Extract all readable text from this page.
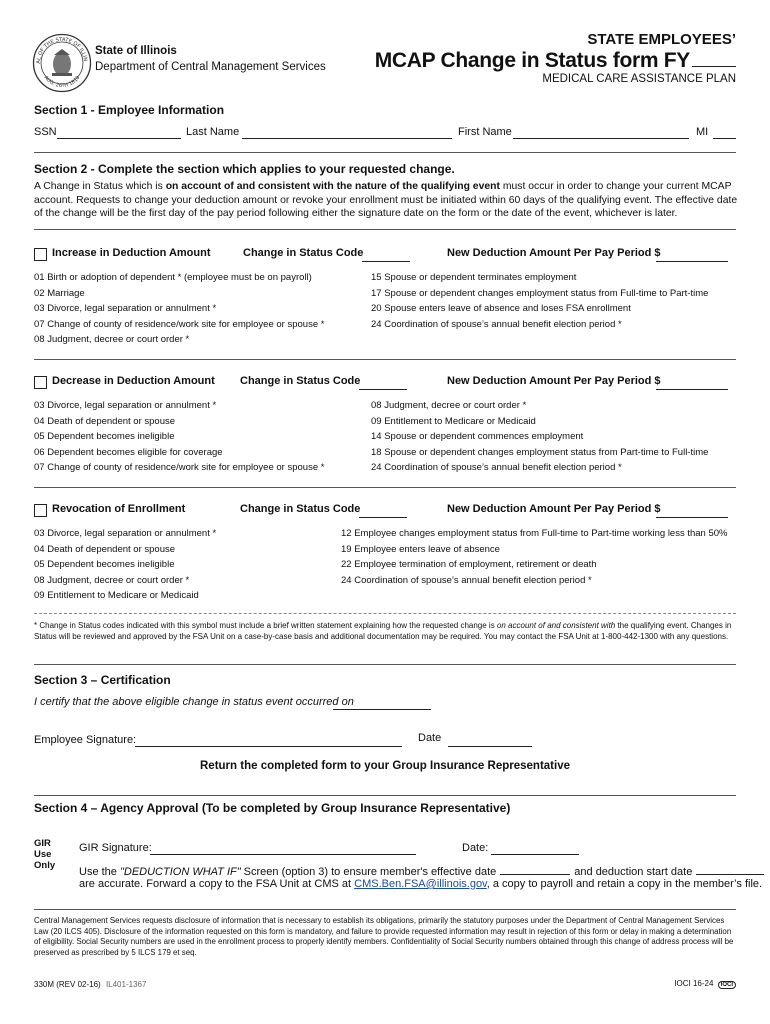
AL OF THE STATE OF ILLIN
AUG. 26TH 1818
State of Illinois
Department of Central Management Services
STATE EMPLOYEES’
MCAP Change in Status form FY
MEDICAL CARE ASSISTANCE PLAN
Section 1 - Employee Information
SSN	Last Name	First Name	MI
Section 2 - Complete the section which applies to your requested change.
A Change in Status which is on account of and consistent with the nature of the qualifying event must occur in order to change your current MCAP account. Requests to change your deduction amount or revoke your enrollment must be initiated within 60 days of the qualifying event. The effective date of the change will be the first day of the pay period following either the signature date on the form or the date of the event, whichever is later.
Increase in Deduction Amount	Change in Status Code	New Deduction Amount Per Pay Period $
01 Birth or adoption of dependent * (employee must be on payroll)
02 Marriage
03 Divorce, legal separation or annulment *
07 Change of county of residence/work site for employee or spouse *
08 Judgment, decree or court order *
15 Spouse or dependent terminates employment
17 Spouse or dependent changes employment status from Full-time to Part-time
20 Spouse enters leave of absence and loses FSA enrollment
24 Coordination of spouse’s annual benefit election period *
Decrease in Deduction Amount Change in Status Code	New Deduction Amount Per Pay Period $
03 Divorce, legal separation or annulment *
04 Death of dependent or spouse
05 Dependent becomes ineligible
06 Dependent becomes eligible for coverage
07 Change of county of residence/work site for employee or spouse *
08 Judgment, decree or court order *
09 Entitlement to Medicare or Medicaid
14 Spouse or dependent commences employment
18 Spouse or dependent changes employment status from Part-time to Full-time
24 Coordination of spouse’s annual benefit election period *
Revocation of Enrollment	Change in Status Code	New Deduction Amount Per Pay Period $
03 Divorce, legal separation or annulment *
04 Death of dependent or spouse
05 Dependent becomes ineligible
08 Judgment, decree or court order *
09 Entitlement to Medicare or Medicaid
12 Employee changes employment status from Full-time to Part-time working less than 50%
19 Employee enters leave of absence
22 Employee termination of employment, retirement or death
24 Coordination of spouse’s annual benefit election period *
* Change in Status codes indicated with this symbol must include a brief written statement explaining how the requested change is on account of and consistent with the qualifying event. Changes in Status will be reviewed and approved by the FSA Unit on a case-by-case basis and additional documentation may be required. You may contact the FSA Unit at 1-800-442-1300 with any questions.
Section 3 – Certification
I certify that the above eligible change in status event occurred on
Employee Signature:	Date
Return the completed form to your Group Insurance Representative
Section 4 – Agency Approval (To be completed by Group Insurance Representative)
GIR
Use
Only
GIR Signature:	Date:
Use the "DEDUCTION WHAT IF" Screen (option 3) to ensure member's effective date	and deduction start date
are accurate. Forward a copy to the FSA Unit at CMS at CMS.Ben.FSA@illinois.gov, a copy to payroll and retain a copy in the member’s file.
Central Management Services requests disclosure of information that is necessary to establish its obligations, primarily the statutory purposes under the Department of Central Management Services Law (20 ILCS 405). Disclosure of the information requested on this form is mandatory, and failure to provide requested information may result in rejection of this form or delay in making a determination of eligibility. Social Security numbers are used in the enrollment process to properly identify members. Confidentiality of Social Security numbers obtained through this change of address process will be preserved as prescribed by 5 ILCS 179 et seq.
330M (REV 02-16) IL401-1367	IOCI 16-24 IOCI
